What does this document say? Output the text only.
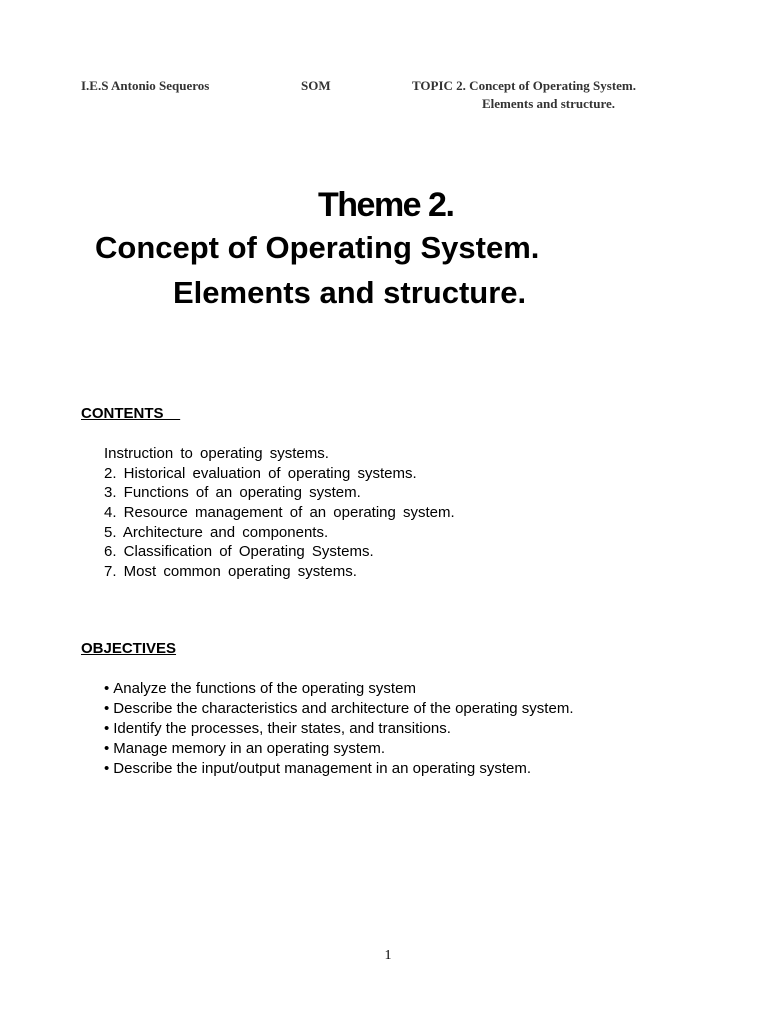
I.E.S Antonio Sequeros	SOM	TOPIC 2. Concept of Operating System.
Elements and structure.
Theme 2.
Concept of Operating System.
Elements and structure.
CONTENTS
Instruction to operating systems.
2. Historical evaluation of operating systems.
3. Functions of an operating system.
4. Resource management of an operating system.
5. Architecture and components.
6. Classification of Operating Systems.
7. Most common operating systems.
OBJECTIVES
• Analyze the functions of the operating system
• Describe the characteristics and architecture of the operating system.
• Identify the processes, their states, and transitions.
• Manage memory in an operating system.
• Describe the input/output management in an operating system.
1
